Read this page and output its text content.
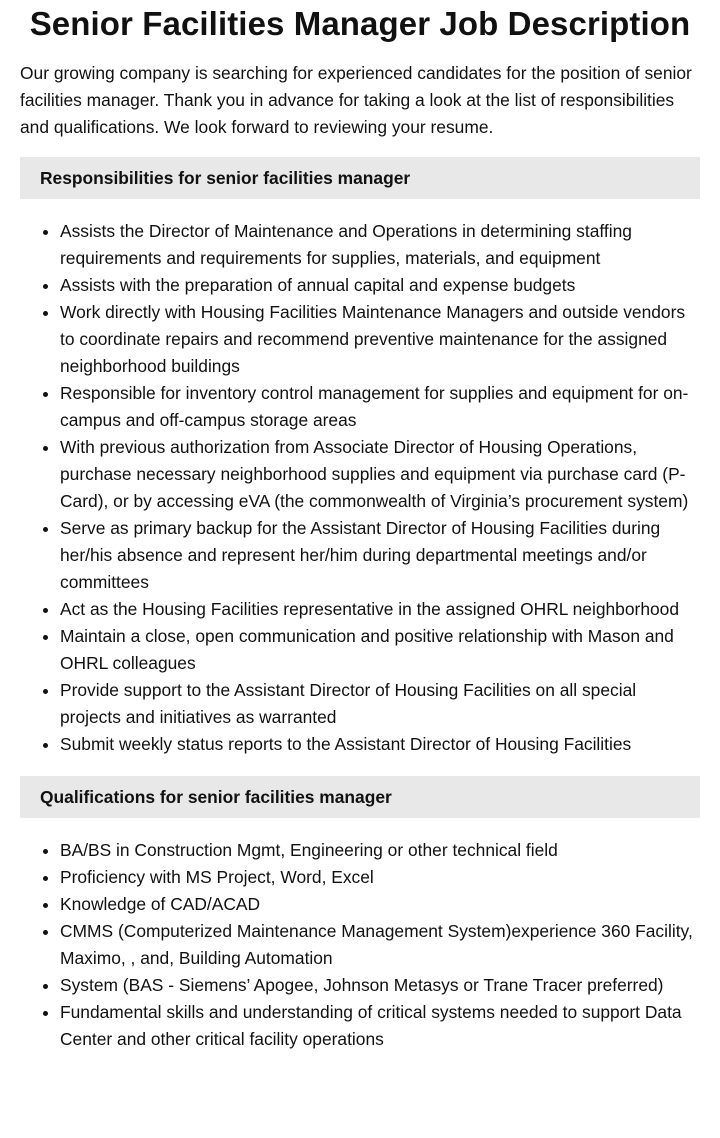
Senior Facilities Manager Job Description

Our growing company is searching for experienced candidates for the position of senior facilities manager. Thank you in advance for taking a look at the list of responsibilities and qualifications. We look forward to reviewing your resume.

Responsibilities for senior facilities manager
• Assists the Director of Maintenance and Operations in determining staffing requirements and requirements for supplies, materials, and equipment
• Assists with the preparation of annual capital and expense budgets
• Work directly with Housing Facilities Maintenance Managers and outside vendors to coordinate repairs and recommend preventive maintenance for the assigned neighborhood buildings
• Responsible for inventory control management for supplies and equipment for on-campus and off-campus storage areas
• With previous authorization from Associate Director of Housing Operations, purchase necessary neighborhood supplies and equipment via purchase card (P-Card), or by accessing eVA (the commonwealth of Virginia’s procurement system)
• Serve as primary backup for the Assistant Director of Housing Facilities during her/his absence and represent her/him during departmental meetings and/or committees
• Act as the Housing Facilities representative in the assigned OHRL neighborhood
• Maintain a close, open communication and positive relationship with Mason and OHRL colleagues
• Provide support to the Assistant Director of Housing Facilities on all special projects and initiatives as warranted
• Submit weekly status reports to the Assistant Director of Housing Facilities
Qualifications for senior facilities manager
• BA/BS in Construction Mgmt, Engineering or other technical field
• Proficiency with MS Project, Word, Excel
• Knowledge of CAD/ACAD
• CMMS (Computerized Maintenance Management System)experience 360 Facility, Maximo, , and, Building Automation
• System (BAS - Siemens’ Apogee, Johnson Metasys or Trane Tracer preferred)
• Fundamental skills and understanding of critical systems needed to support Data Center and other critical facility operations
